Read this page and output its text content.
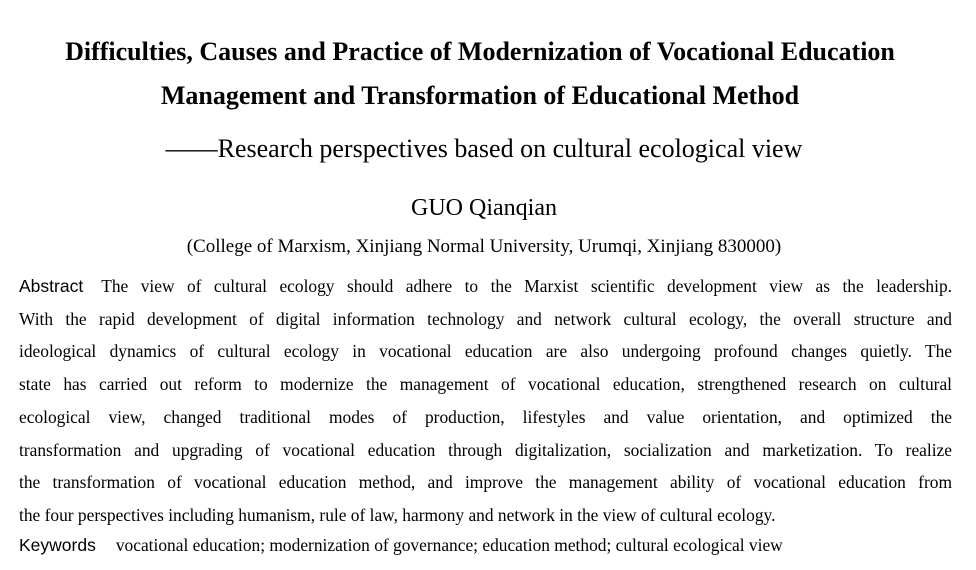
Difficulties, Causes and Practice of Modernization of Vocational Education
Management and Transformation of Educational Method
——Research perspectives based on cultural ecological view
GUO Qianqian
(College of Marxism, Xinjiang Normal University, Urumqi, Xinjiang 830000)
Abstract The view of cultural ecology should adhere to the Marxist scientific development view as the leadership.
With the rapid development of digital information technology and network cultural ecology, the overall structure and
ideological dynamics of cultural ecology in vocational education are also undergoing profound changes quietly. The
state has carried out reform to modernize the management of vocational education, strengthened research on cultural
ecological view, changed traditional modes of production, lifestyles and value orientation, and optimized the
transformation and upgrading of vocational education through digitalization, socialization and marketization. To realize
the transformation of vocational education method, and improve the management ability of vocational education from
the four perspectives including humanism, rule of law, harmony and network in the view of cultural ecology.
Keywords vocational education; modernization of governance; education method; cultural ecological view
